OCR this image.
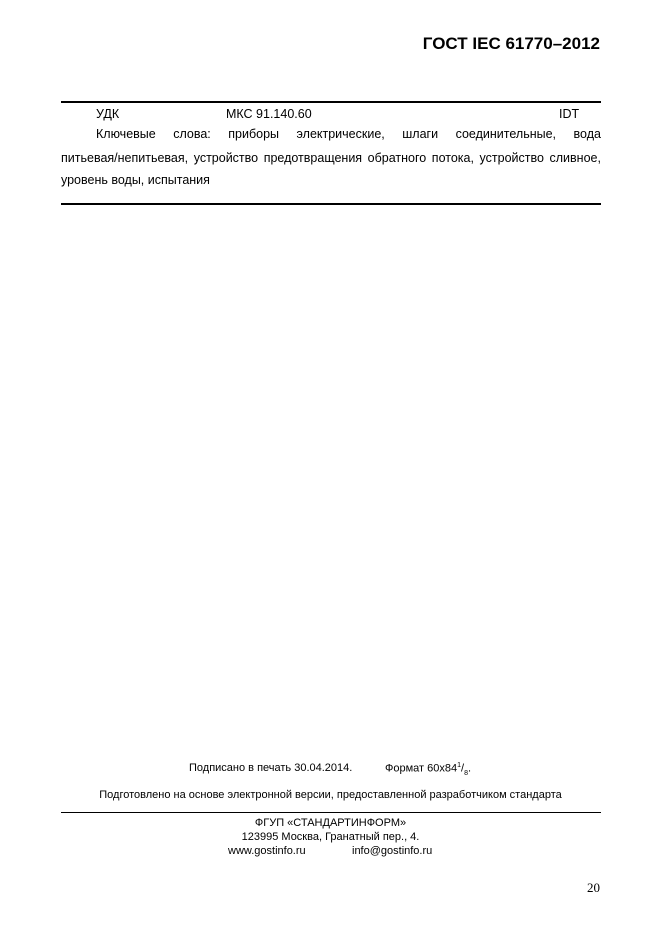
ГОСТ IEC 61770–2012
УДК	МКС 91.140.60	IDT
Ключевые слова: приборы электрические, шлаги соединительные, вода
питьевая/непитьевая, устройство предотвращения обратного потока, устройство сливное,
уровень воды, испытания
Подписано в печать 30.04.2014.	Формат $60x84^1/_8$.
Подготовлено на основе электронной версии, предоставленной разработчиком стандарта
ФГУП «СТАНДАРТИНФОРМ»
123995 Москва, Гранатный пер., 4.
www.gostinfo.ru	info@gostinfo.ru
20
